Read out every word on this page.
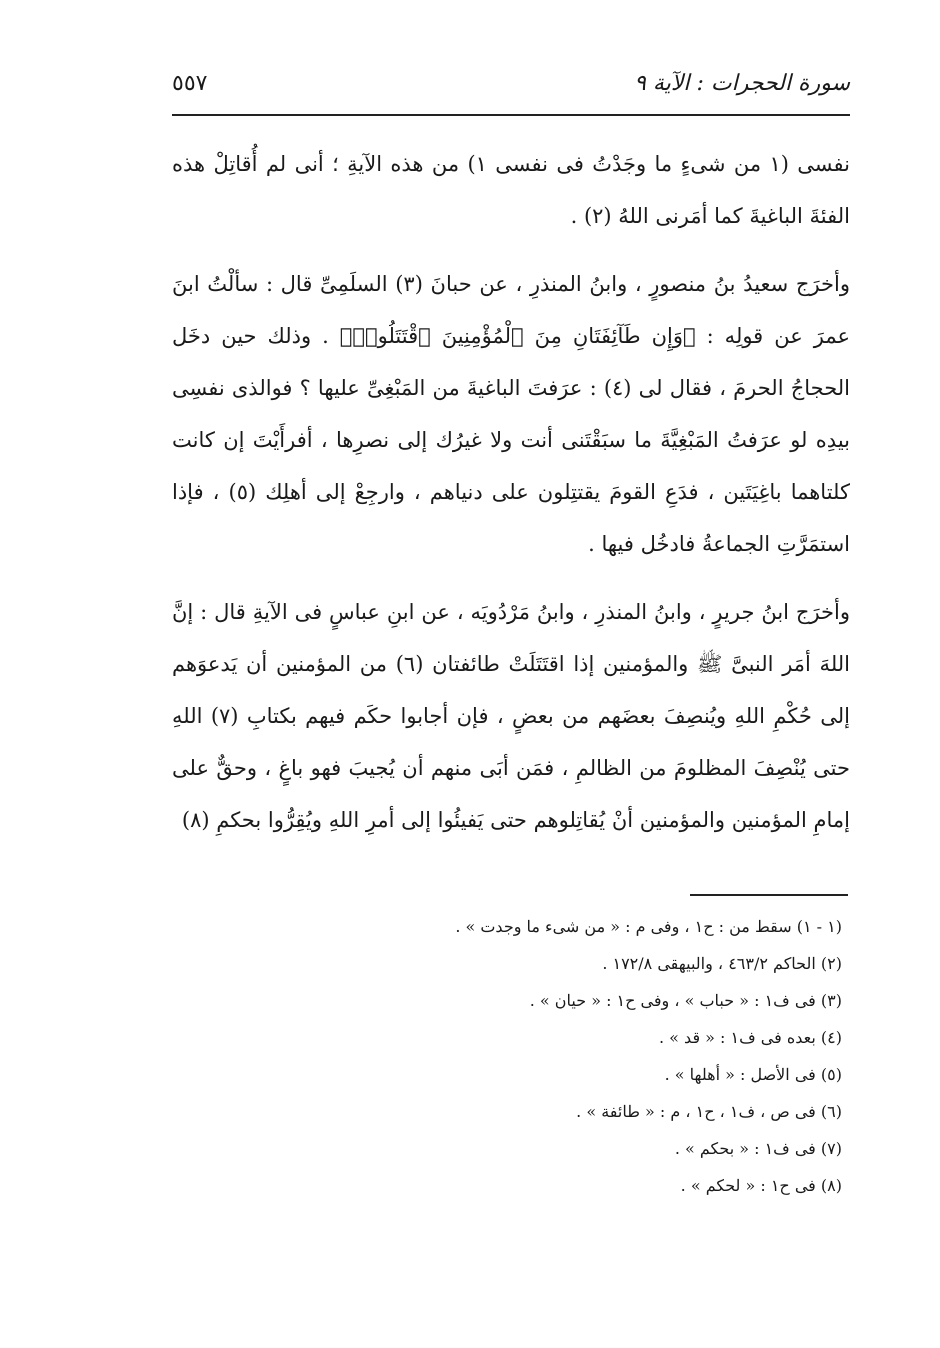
سورة الحجرات : الآية ٩
٥٥٧

نفسى (١ من شىءٍ ما وجَدْتُ فى نفسى ١) من هذه الآيةِ ؛ أنى لم أُقاتِلْ هذه الفئةَ الباغيةَ كما أمَرنى اللهُ (٢) .

وأخرَج سعيدُ بنُ منصورٍ ، وابنُ المنذرِ ، عن حبانَ (٣) السلَمِىِّ قال : سألْتُ ابنَ عمرَ عن قولِه : ﴿وَإِن طَآئِفَتَانِ مِنَ ٱلْمُؤْمِنِينَ ٱقْتَتَلُوا۟﴾ . وذلك حين دخَل الحجاجُ الحرمَ ، فقال لى (٤) : عرَفتَ الباغيةَ من المَبْغِىِّ عليها ؟ فوالذى نفسِى بيدِه لو عرَفتُ المَبْغِيَّةَ ما سبَقْتَنى أنت ولا غيرُك إلى نصرِها ، أفرأَيْتَ إن كانت كلتاهما باغِيَتَين ، فدَعِ القومَ يقتتِلون على دنياهم ، وارجِعْ إلى أهلِك (٥) ، فإذا استمَرَّتِ الجماعةُ فادخُل فيها .

وأخرَج ابنُ جريرٍ ، وابنُ المنذرِ ، وابنُ مَرْدُويَه ، عن ابنِ عباسٍ فى الآيةِ قال : إنَّ اللهَ أمَر النبىَّ ﷺ والمؤمنين إذا اقتَتَلَتْ طائفتان (٦) من المؤمنين أن يَدعوَهم إلى حُكْمِ اللهِ ويُنصِفَ بعضَهم من بعضٍ ، فإن أجابوا حكَم فيهم بكتابِ (٧) اللهِ حتى يُنْصِفَ المظلومَ من الظالمِ ، فمَن أبَى منهم أن يُجيبَ فهو باغٍ ، وحقٌّ على إمامِ المؤمنين والمؤمنين أنْ يُقاتِلوهم حتى يَفيئُوا إلى أمرِ اللهِ ويُقِرُّوا بحكمِ (٨)

(١ - ١) سقط من : ح١ ، وفى م : « من شىء ما وجدت » .
(٢) الحاكم ٤٦٣/٢ ، والبيهقى ١٧٢/٨ .
(٣) فى ف١ : « حباب » ، وفى ح١ : « حيان » .
(٤) بعده فى ف١ : « قد » .
(٥) فى الأصل : « أهلها » .
(٦) فى ص ، ف١ ، ح١ ، م : « طائفة » .
(٧) فى ف١ : « بحكم » .
(٨) فى ح١ : « لحكم » .
